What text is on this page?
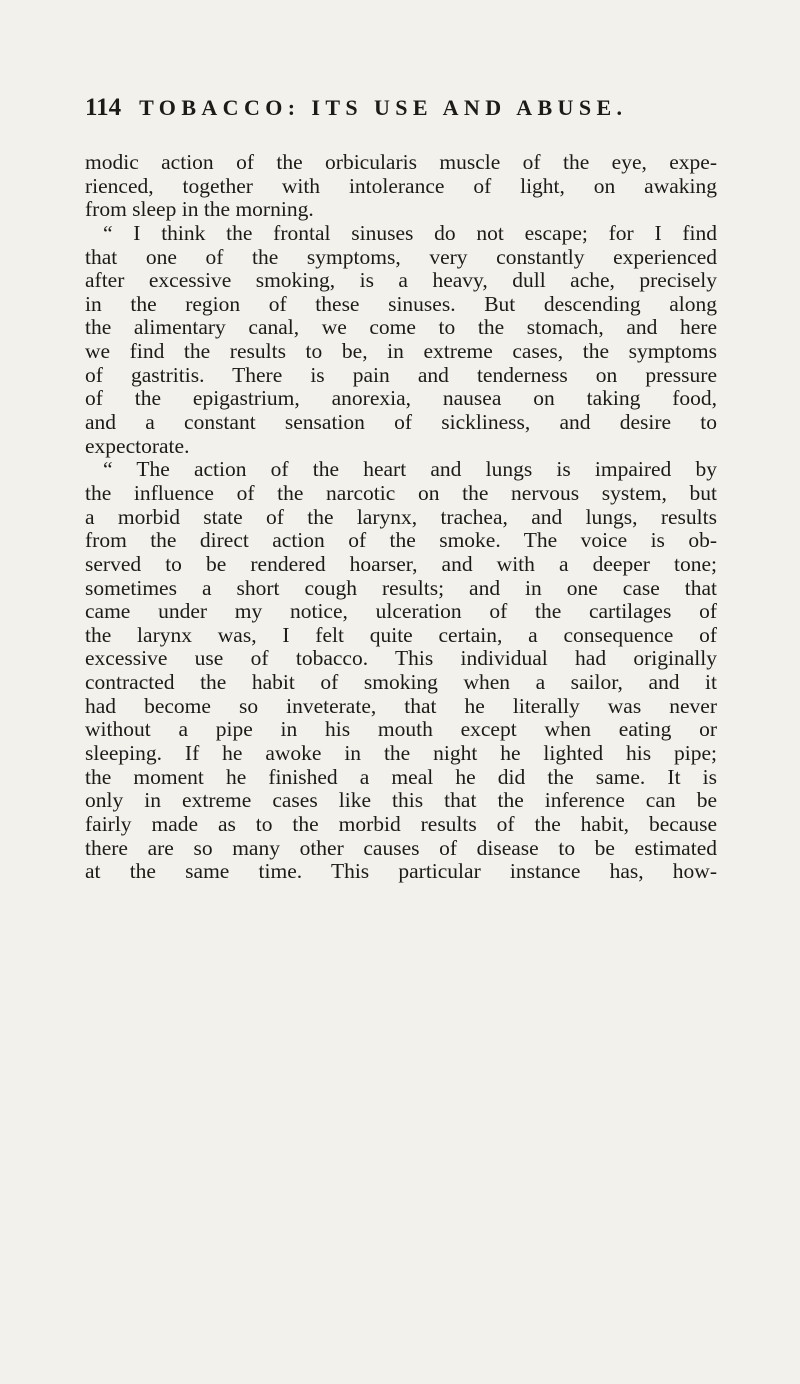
114 TOBACCO: ITS USE AND ABUSE.
modic action of the orbicularis muscle of the eye, expe-
rienced, together with intolerance of light, on awaking
from sleep in the morning.
“ I think the frontal sinuses do not escape; for I find
that one of the symptoms, very constantly experienced
after excessive smoking, is a heavy, dull ache, precisely
in the region of these sinuses. But descending along
the alimentary canal, we come to the stomach, and here
we find the results to be, in extreme cases, the symptoms
of gastritis. There is pain and tenderness on pressure
of the epigastrium, anorexia, nausea on taking food,
and a constant sensation of sickliness, and desire to
expectorate.
“ The action of the heart and lungs is impaired by
the influence of the narcotic on the nervous system, but
a morbid state of the larynx, trachea, and lungs, results
from the direct action of the smoke. The voice is ob-
served to be rendered hoarser, and with a deeper tone;
sometimes a short cough results; and in one case that
came under my notice, ulceration of the cartilages of
the larynx was, I felt quite certain, a consequence of
excessive use of tobacco. This individual had originally
contracted the habit of smoking when a sailor, and it
had become so inveterate, that he literally was never
without a pipe in his mouth except when eating or
sleeping. If he awoke in the night he lighted his pipe;
the moment he finished a meal he did the same. It is
only in extreme cases like this that the inference can be
fairly made as to the morbid results of the habit, because
there are so many other causes of disease to be estimated
at the same time. This particular instance has, how-
